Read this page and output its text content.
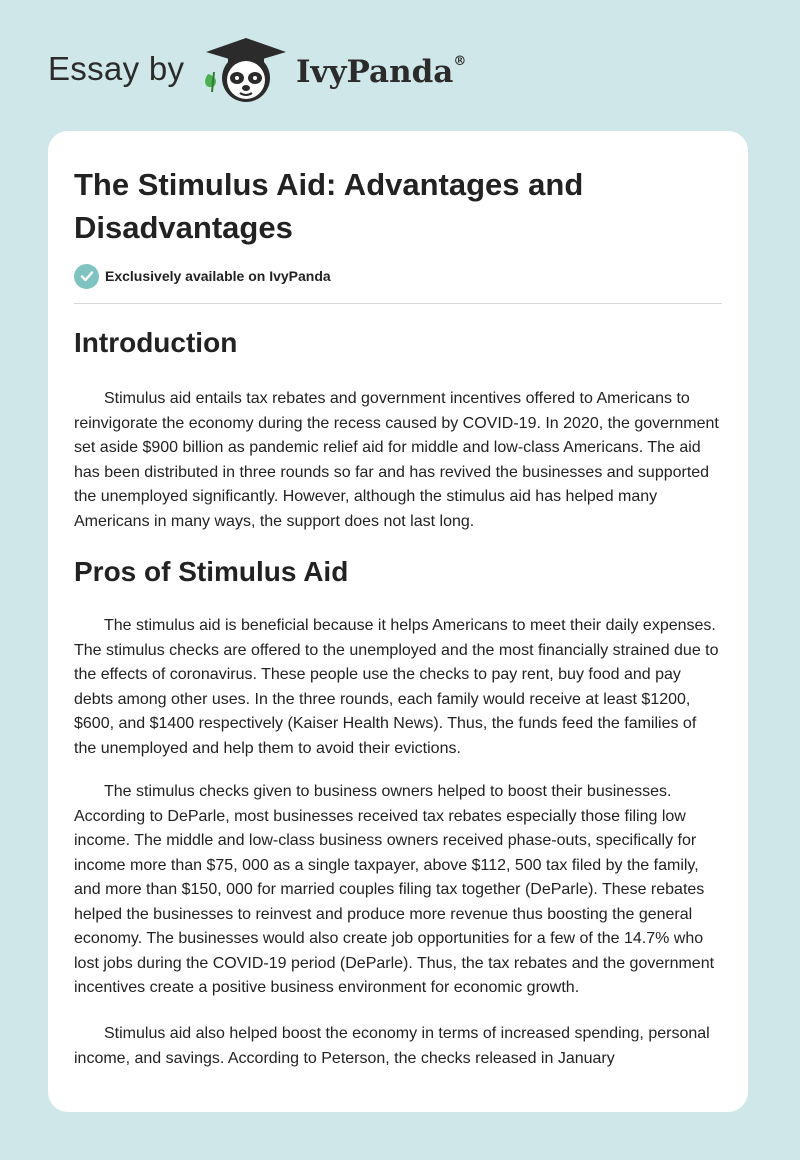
Essay by	IvyPanda®
The Stimulus Aid: Advantages and Disadvantages
Exclusively available on IvyPanda
Introduction

Stimulus aid entails tax rebates and government incentives offered to Americans to reinvigorate the economy during the recess caused by COVID-19. In 2020, the government set aside $900 billion as pandemic relief aid for middle and low-class Americans. The aid has been distributed in three rounds so far and has revived the businesses and supported the unemployed significantly. However, although the stimulus aid has helped many Americans in many ways, the support does not last long.

Pros of Stimulus Aid

The stimulus aid is beneficial because it helps Americans to meet their daily expenses. The stimulus checks are offered to the unemployed and the most financially strained due to the effects of coronavirus. These people use the checks to pay rent, buy food and pay debts among other uses. In the three rounds, each family would receive at least $1200, $600, and $1400 respectively (Kaiser Health News). Thus, the funds feed the families of the unemployed and help them to avoid their evictions.

The stimulus checks given to business owners helped to boost their businesses. According to DeParle, most businesses received tax rebates especially those filing low income. The middle and low-class business owners received phase-outs, specifically for income more than $75, 000 as a single taxpayer, above $112, 500 tax filed by the family, and more than $150, 000 for married couples filing tax together (DeParle). These rebates helped the businesses to reinvest and produce more revenue thus boosting the general economy. The businesses would also create job opportunities for a few of the 14.7% who lost jobs during the COVID-19 period (DeParle). Thus, the tax rebates and the government incentives create a positive business environment for economic growth.

Stimulus aid also helped boost the economy in terms of increased spending, personal income, and savings. According to Peterson, the checks released in January
